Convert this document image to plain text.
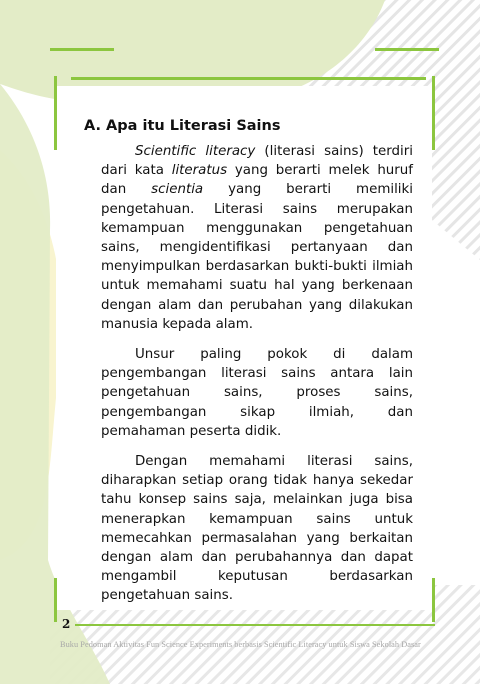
A. Apa itu Literasi Sains

Scientific literacy (literasi sains) terdiri dari kata literatus yang berarti melek huruf dan scientia yang berarti memiliki pengetahuan. Literasi sains merupakan kemampuan menggunakan pengetahuan sains, mengidentifikasi pertanyaan dan menyimpulkan berdasarkan bukti-bukti ilmiah untuk memahami suatu hal yang berkenaan dengan alam dan perubahan yang dilakukan manusia kepada alam.

Unsur paling pokok di dalam pengembangan literasi sains antara lain pengetahuan sains, proses sains, pengembangan sikap ilmiah, dan pemahaman peserta didik.

Dengan memahami literasi sains, diharapkan setiap orang tidak hanya sekedar tahu konsep sains saja, melainkan juga bisa menerapkan kemampuan sains untuk memecahkan permasalahan yang berkaitan dengan alam dan perubahannya dan dapat mengambil keputusan berdasarkan pengetahuan sains.

2
Buku Pedoman Aktivitas Fun Science Experiments berbasis Scientific Literacy untuk Siswa Sekolah Dasar
